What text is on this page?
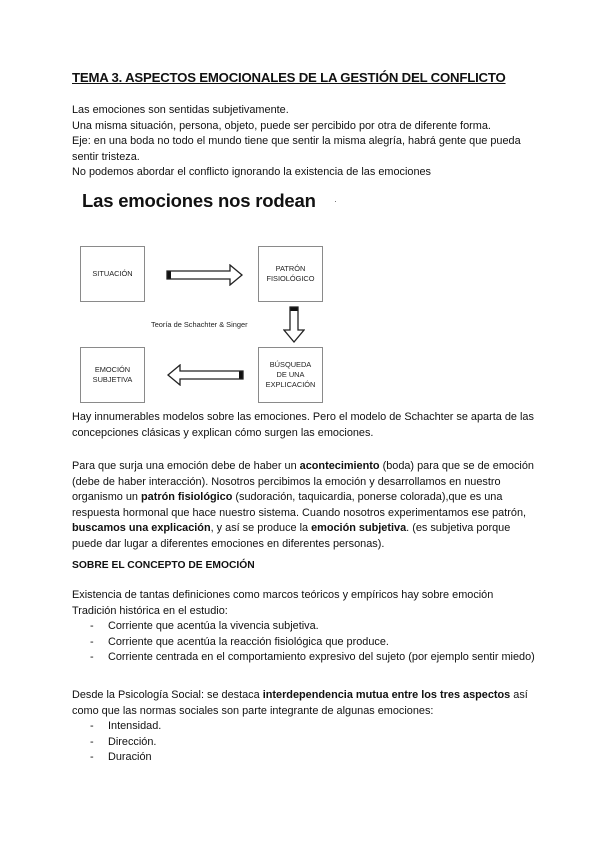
TEMA 3. ASPECTOS EMOCIONALES DE LA GESTIÓN DEL CONFLICTO

Las emociones son sentidas subjetivamente.

Una misma situación, persona, objeto, puede ser percibido por otra de diferente forma.

Eje: en una boda no todo el mundo tiene que sentir la misma alegría, habrá gente que pueda sentir tristeza.

No podemos abordar el conflicto ignorando la existencia de las emociones

Las emociones nos rodean
SITUACIÓN
PATRÓN
FISIOLÓGICO
BÚSQUEDA
DE UNA
EXPLICACIÓN
EMOCIÓN
SUBJETIVA
Teoría de Schachter & Singer
Hay innumerables modelos sobre las emociones. Pero el modelo de Schachter se aparta de las concepciones clásicas y explican cómo surgen las emociones.
Para que surja una emoción debe de haber un acontecimiento (boda) para que se de emoción (debe de haber interacción). Nosotros percibimos la emoción y desarrollamos en nuestro organismo un patrón fisiológico (sudoración, taquicardia, ponerse colorada),que es una respuesta hormonal que hace nuestro sistema. Cuando nosotros experimentamos ese patrón, buscamos una explicación, y así se produce la emoción subjetiva. (es subjetiva porque puede dar lugar a diferentes emociones en diferentes personas).
SOBRE EL CONCEPTO DE EMOCIÓN

Existencia de tantas definiciones como marcos teóricos y empíricos hay sobre emoción

Tradición histórica en el estudio:

- Corriente que acentúa la vivencia subjetiva.
- Corriente que acentúa la reacción fisiológica que produce.
- Corriente centrada en el comportamiento expresivo del sujeto (por ejemplo sentir miedo)

Desde la Psicología Social: se destaca interdependencia mutua entre los tres aspectos así como que las normas sociales son parte integrante de algunas emociones:

- Intensidad.
- Dirección.
- Duración
